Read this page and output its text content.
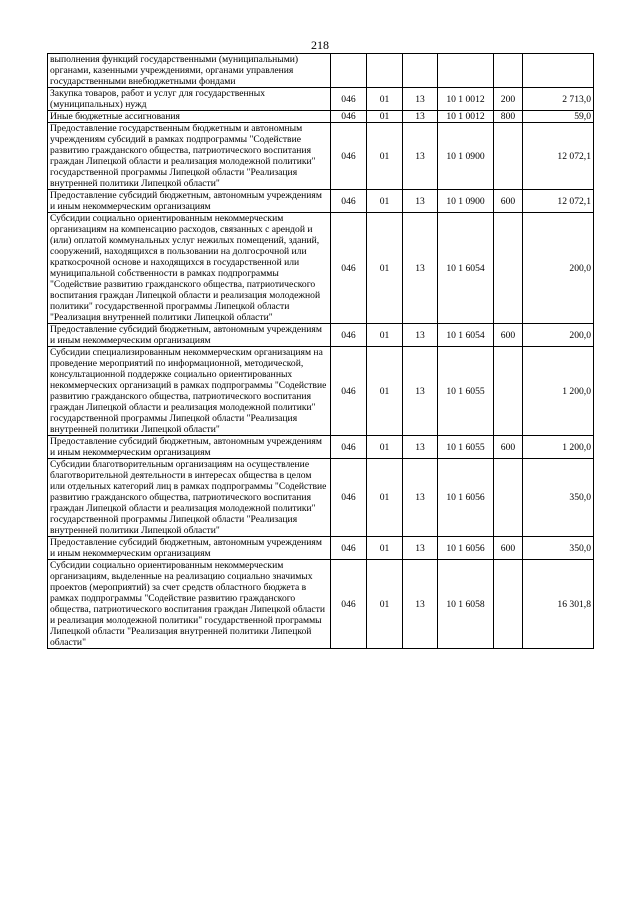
218
выполнения функций государственными (муниципальными) органами, казенными учреждениями, органами управления государственными внебюджетными фондами						
Закупка товаров, работ и услуг для государственных (муниципальных) нужд	046	01	13	10 1 0012	200	2 713,0
Иные бюджетные ассигнования	046	01	13	10 1 0012	800	59,0
Предоставление государственным бюджетным и автономным учреждениям субсидий в рамках подпрограммы "Содействие развитию гражданского общества, патриотического воспитания граждан Липецкой области и реализация молодежной политики" государственной программы Липецкой области "Реализация внутренней политики Липецкой области"	046	01	13	10 1 0900		12 072,1
Предоставление субсидий бюджетным, автономным учреждениям и иным некоммерческим организациям	046	01	13	10 1 0900	600	12 072,1
Субсидии социально ориентированным некоммерческим организациям на компенсацию расходов, связанных с арендой и (или) оплатой коммунальных услуг нежилых помещений, зданий, сооружений, находящихся в пользовании на долгосрочной или краткосрочной основе и находящихся в государственной или муниципальной собственности в рамках подпрограммы "Содействие развитию гражданского общества, патриотического воспитания граждан Липецкой области и реализация молодежной политики" государственной программы Липецкой области "Реализация внутренней политики Липецкой области"	046	01	13	10 1 6054		200,0
Предоставление субсидий бюджетным, автономным учреждениям и иным некоммерческим организациям	046	01	13	10 1 6054	600	200,0
Субсидии специализированным некоммерческим организациям на проведение мероприятий по информационной, методической, консультационной поддержке социально ориентированных некоммерческих организаций в рамках подпрограммы "Содействие развитию гражданского общества, патриотического воспитания граждан Липецкой области и реализация молодежной политики" государственной программы Липецкой области "Реализация внутренней политики Липецкой области"	046	01	13	10 1 6055		1 200,0
Предоставление субсидий бюджетным, автономным учреждениям и иным некоммерческим организациям	046	01	13	10 1 6055	600	1 200,0
Субсидии благотворительным организациям на осуществление благотворительной деятельности в интересах общества в целом или отдельных категорий лиц в рамках подпрограммы "Содействие развитию гражданского общества, патриотического воспитания граждан Липецкой области и реализация молодежной политики" государственной программы Липецкой области "Реализация внутренней политики Липецкой области"	046	01	13	10 1 6056		350,0
Предоставление субсидий бюджетным, автономным учреждениям и иным некоммерческим организациям	046	01	13	10 1 6056	600	350,0
Субсидии социально ориентированным некоммерческим организациям, выделенные на реализацию социально значимых проектов (мероприятий) за счет средств областного бюджета в рамках подпрограммы "Содействие развитию гражданского общества, патриотического воспитания граждан Липецкой области и реализация молодежной политики" государственной программы Липецкой области "Реализация внутренней политики Липецкой области"	046	01	13	10 1 6058		16 301,8
